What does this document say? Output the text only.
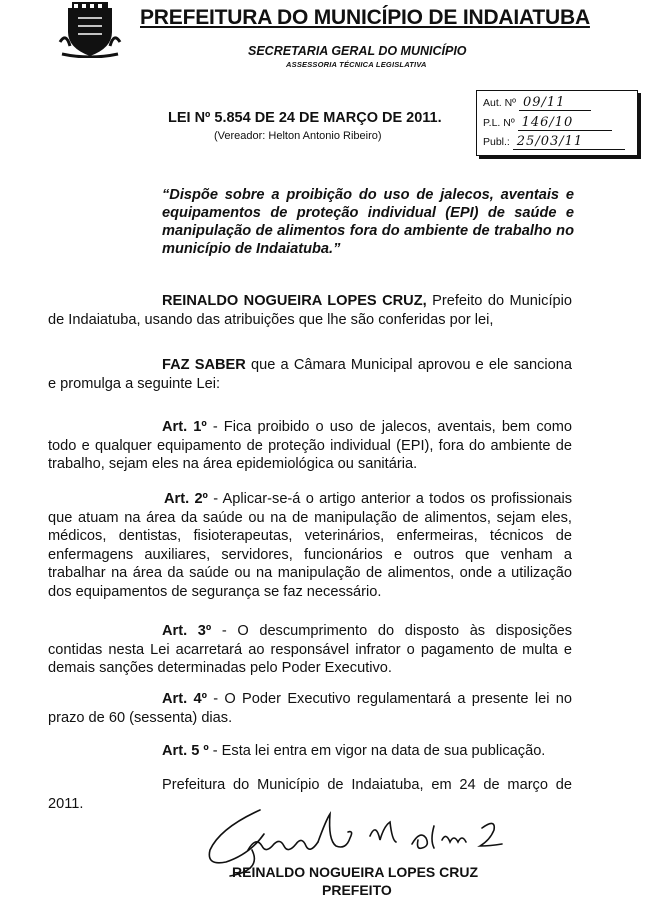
PREFEITURA DO MUNICÍPIO DE INDAIATUBA
SECRETARIA GERAL DO MUNICÍPIO
ASSESSORIA TÉCNICA LEGISLATIVA
LEI Nº 5.854 DE 24 DE MARÇO DE 2011.
(Vereador: Helton Antonio Ribeiro)
Aut. Nº 09/11
P.L. Nº 146/10
Publ.: 25/03/11
“Dispõe sobre a proibição do uso de jalecos, aventais e equipamentos de proteção individual (EPI) de saúde e manipulação de alimentos fora do ambiente de trabalho no município de Indaiatuba.”
REINALDO NOGUEIRA LOPES CRUZ, Prefeito do Município de Indaiatuba, usando das atribuições que lhe são conferidas por lei,
FAZ SABER que a Câmara Municipal aprovou e ele sanciona e promulga a seguinte Lei:
Art. 1º - Fica proibido o uso de jalecos, aventais, bem como todo e qualquer equipamento de proteção individual (EPI), fora do ambiente de trabalho, sejam eles na área epidemiológica ou sanitária.
Art. 2º - Aplicar-se-á o artigo anterior a todos os profissionais que atuam na área da saúde ou na de manipulação de alimentos, sejam eles, médicos, dentistas, fisioterapeutas, veterinários, enfermeiras, técnicos de enfermagens auxiliares, servidores, funcionários e outros que venham a trabalhar na área da saúde ou na manipulação de alimentos, onde a utilização dos equipamentos de segurança se faz necessário.
Art. 3º - O descumprimento do disposto às disposições contidas nesta Lei acarretará ao responsável infrator o pagamento de multa e demais sanções determinadas pelo Poder Executivo.
Art. 4º - O Poder Executivo regulamentará a presente lei no prazo de 60 (sessenta) dias.
Art. 5 º - Esta lei entra em vigor na data de sua publicação.
Prefeitura do Município de Indaiatuba, em 24 de março de 2011.
REINALDO NOGUEIRA LOPES CRUZ
PREFEITO
